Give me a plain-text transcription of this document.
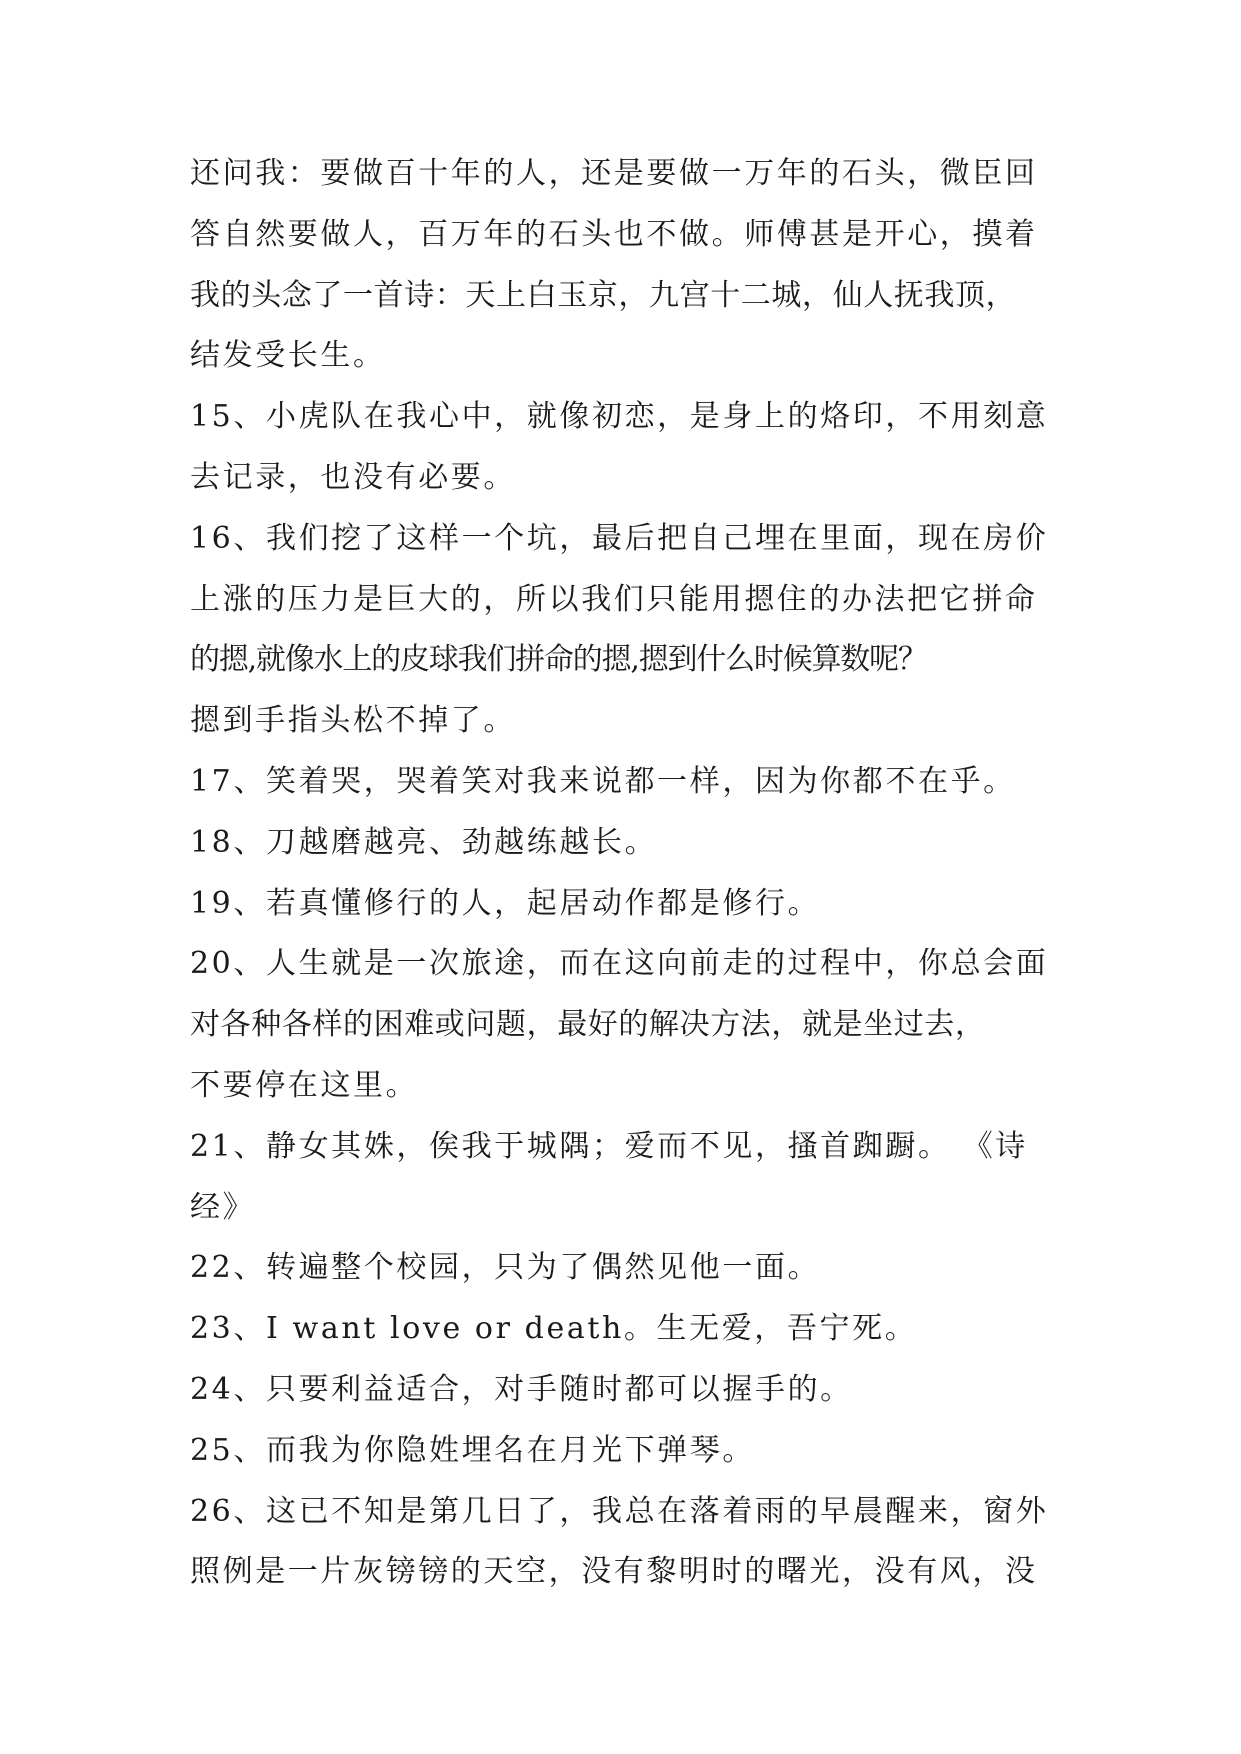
还问我：要做百十年的人，还是要做一万年的石头，微臣回
答自然要做人，百万年的石头也不做。师傅甚是开心，摸着
我的头念了一首诗：天上白玉京，九宫十二城，仙人抚我顶，
结发受长生。
15、小虎队在我心中，就像初恋，是身上的烙印，不用刻意
去记录，也没有必要。
16、我们挖了这样一个坑，最后把自己埋在里面，现在房价
上涨的压力是巨大的，所以我们只能用摁住的办法把它拼命
的摁,就像水上的皮球我们拼命的摁,摁到什么时候算数呢？
摁到手指头松不掉了。
17、笑着哭，哭着笑对我来说都一样，因为你都不在乎。
18、刀越磨越亮、劲越练越长。
19、若真懂修行的人，起居动作都是修行。
20、人生就是一次旅途，而在这向前走的过程中，你总会面
对各种各样的困难或问题，最好的解决方法，就是坐过去，
不要停在这里。
21、静女其姝，俟我于城隅；爱而不见，搔首踟蹰。 《诗
经》
22、转遍整个校园，只为了偶然见他一面。
23、I want love or death。生无爱，吾宁死。
24、只要利益适合，对手随时都可以握手的。
25、而我为你隐姓埋名在月光下弹琴。
26、这已不知是第几日了，我总在落着雨的早晨醒来，窗外
照例是一片灰镑镑的天空，没有黎明时的曙光，没有风，没
